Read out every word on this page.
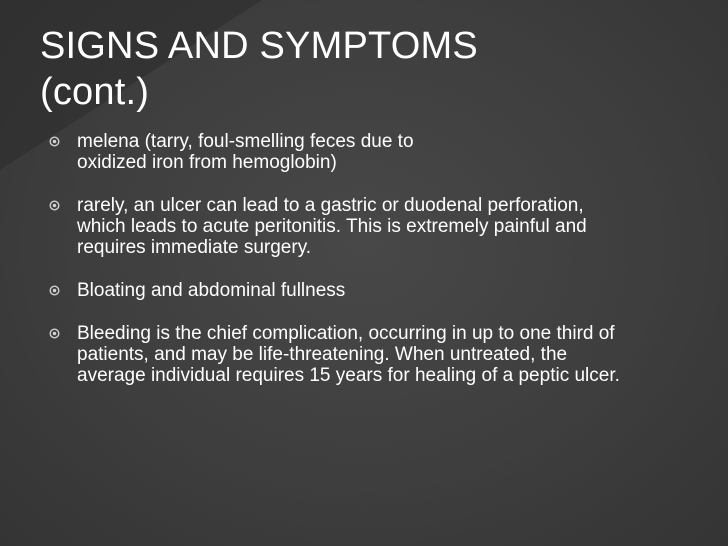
SIGNS AND SYMPTOMS
(cont.)
melena (tarry, foul-smelling feces due to oxidized iron from hemoglobin)
rarely, an ulcer can lead to a gastric or duodenal perforation, which leads to acute peritonitis. This is extremely painful and requires immediate surgery.
Bloating and abdominal fullness
Bleeding is the chief complication, occurring in up to one third of patients, and may be life-threatening. When untreated, the average individual requires 15 years for healing of a peptic ulcer.
